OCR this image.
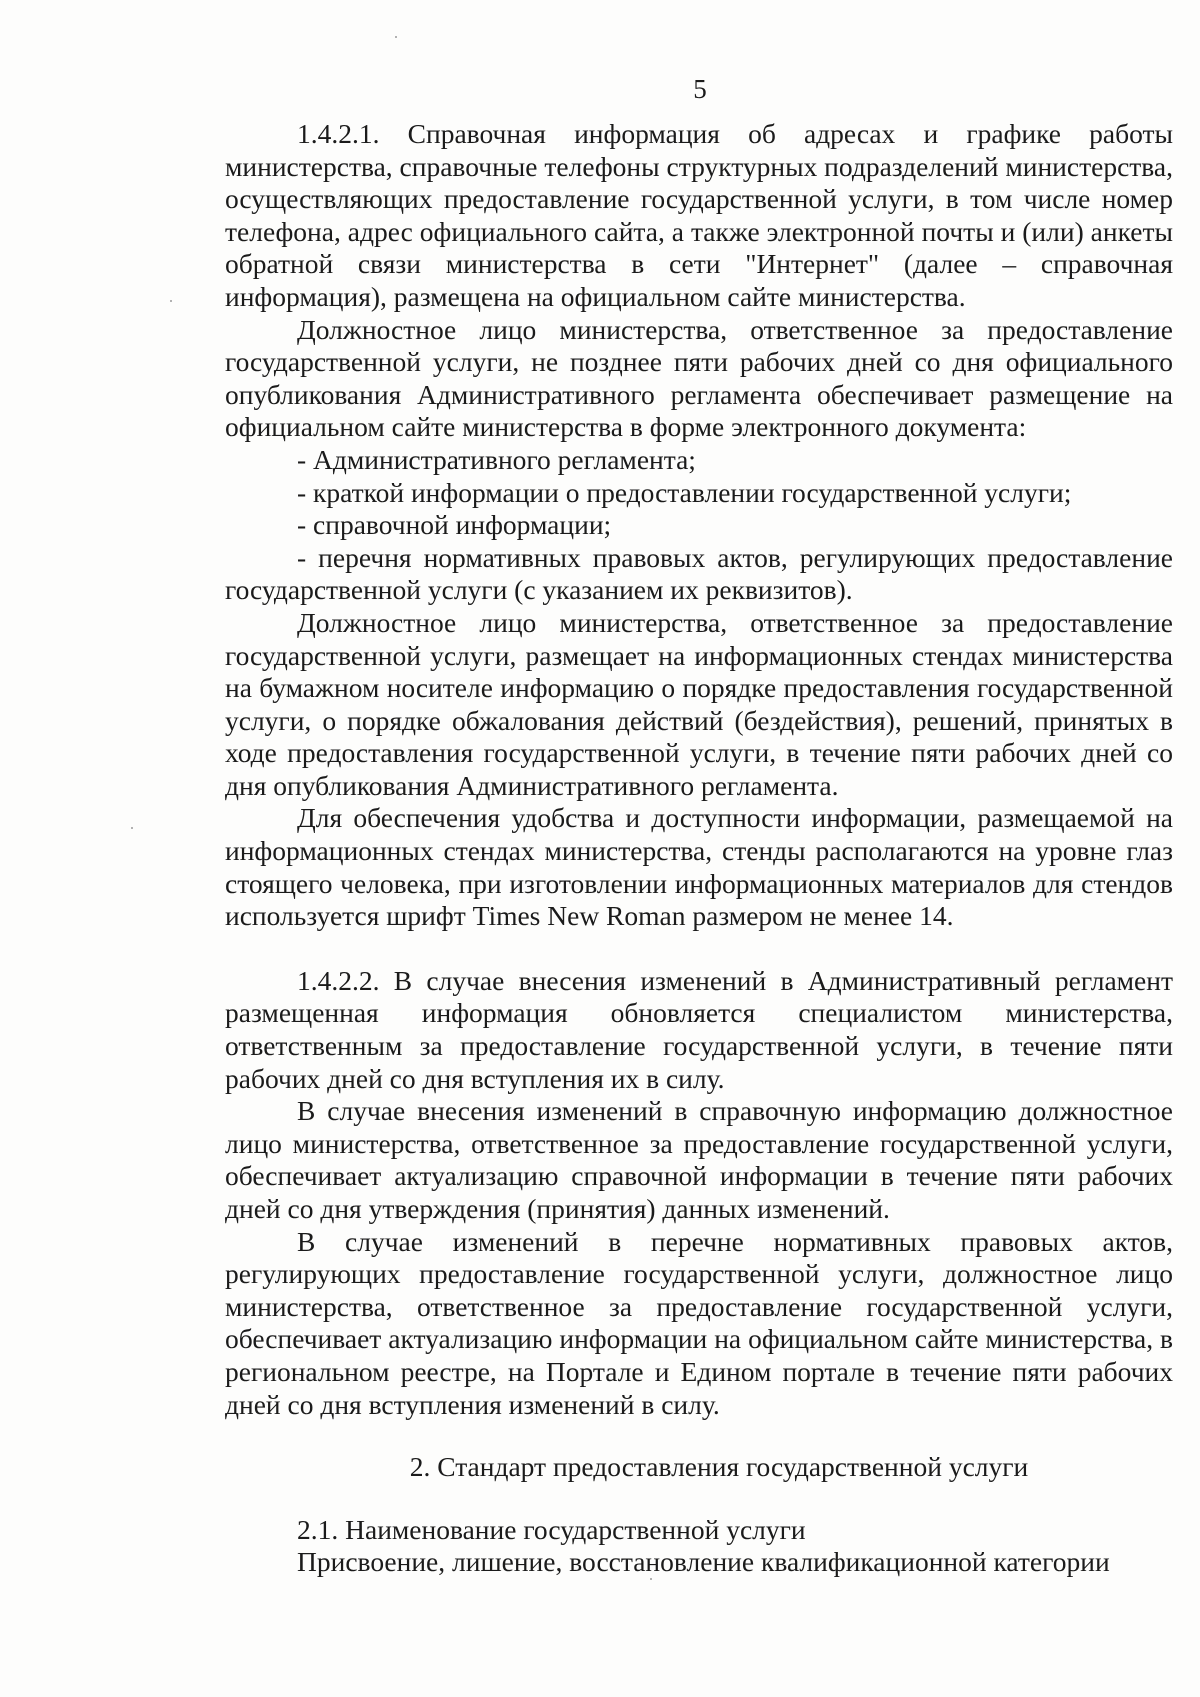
5

1.4.2.1. Справочная информация об адресах и графике работы министерства, справочные телефоны структурных подразделений министерства, осуществляющих предоставление государственной услуги, в том числе номер телефона, адрес официального сайта, а также электронной почты и (или) анкеты обратной связи министерства в сети "Интернет" (далее – справочная информация), размещена на официальном сайте министерства.

Должностное лицо министерства, ответственное за предоставление государственной услуги, не позднее пяти рабочих дней со дня официального опубликования Административного регламента обеспечивает размещение на официальном сайте министерства в форме электронного документа:

- Административного регламента;

- краткой информации о предоставлении государственной услуги;

- справочной информации;

- перечня нормативных правовых актов, регулирующих предоставление государственной услуги (с указанием их реквизитов).

Должностное лицо министерства, ответственное за предоставление государственной услуги, размещает на информационных стендах министерства на бумажном носителе информацию о порядке предоставления государственной услуги, о порядке обжалования действий (бездействия), решений, принятых в ходе предоставления государственной услуги, в течение пяти рабочих дней со дня опубликования Административного регламента.

Для обеспечения удобства и доступности информации, размещаемой на информационных стендах министерства, стенды располагаются на уровне глаз стоящего человека, при изготовлении информационных материалов для стендов используется шрифт Times New Roman размером не менее 14.

1.4.2.2. В случае внесения изменений в Административный регламент размещенная информация обновляется специалистом министерства, ответственным за предоставление государственной услуги, в течение пяти рабочих дней со дня вступления их в силу.

В случае внесения изменений в справочную информацию должностное лицо министерства, ответственное за предоставление государственной услуги, обеспечивает актуализацию справочной информации в течение пяти рабочих дней со дня утверждения (принятия) данных изменений.

В случае изменений в перечне нормативных правовых актов, регулирующих предоставление государственной услуги, должностное лицо министерства, ответственное за предоставление государственной услуги, обеспечивает актуализацию информации на официальном сайте министерства, в региональном реестре, на Портале и Едином портале в течение пяти рабочих дней со дня вступления изменений в силу.

2. Стандарт предоставления государственной услуги

2.1. Наименование государственной услуги

Присвоение, лишение, восстановление квалификационной категории
